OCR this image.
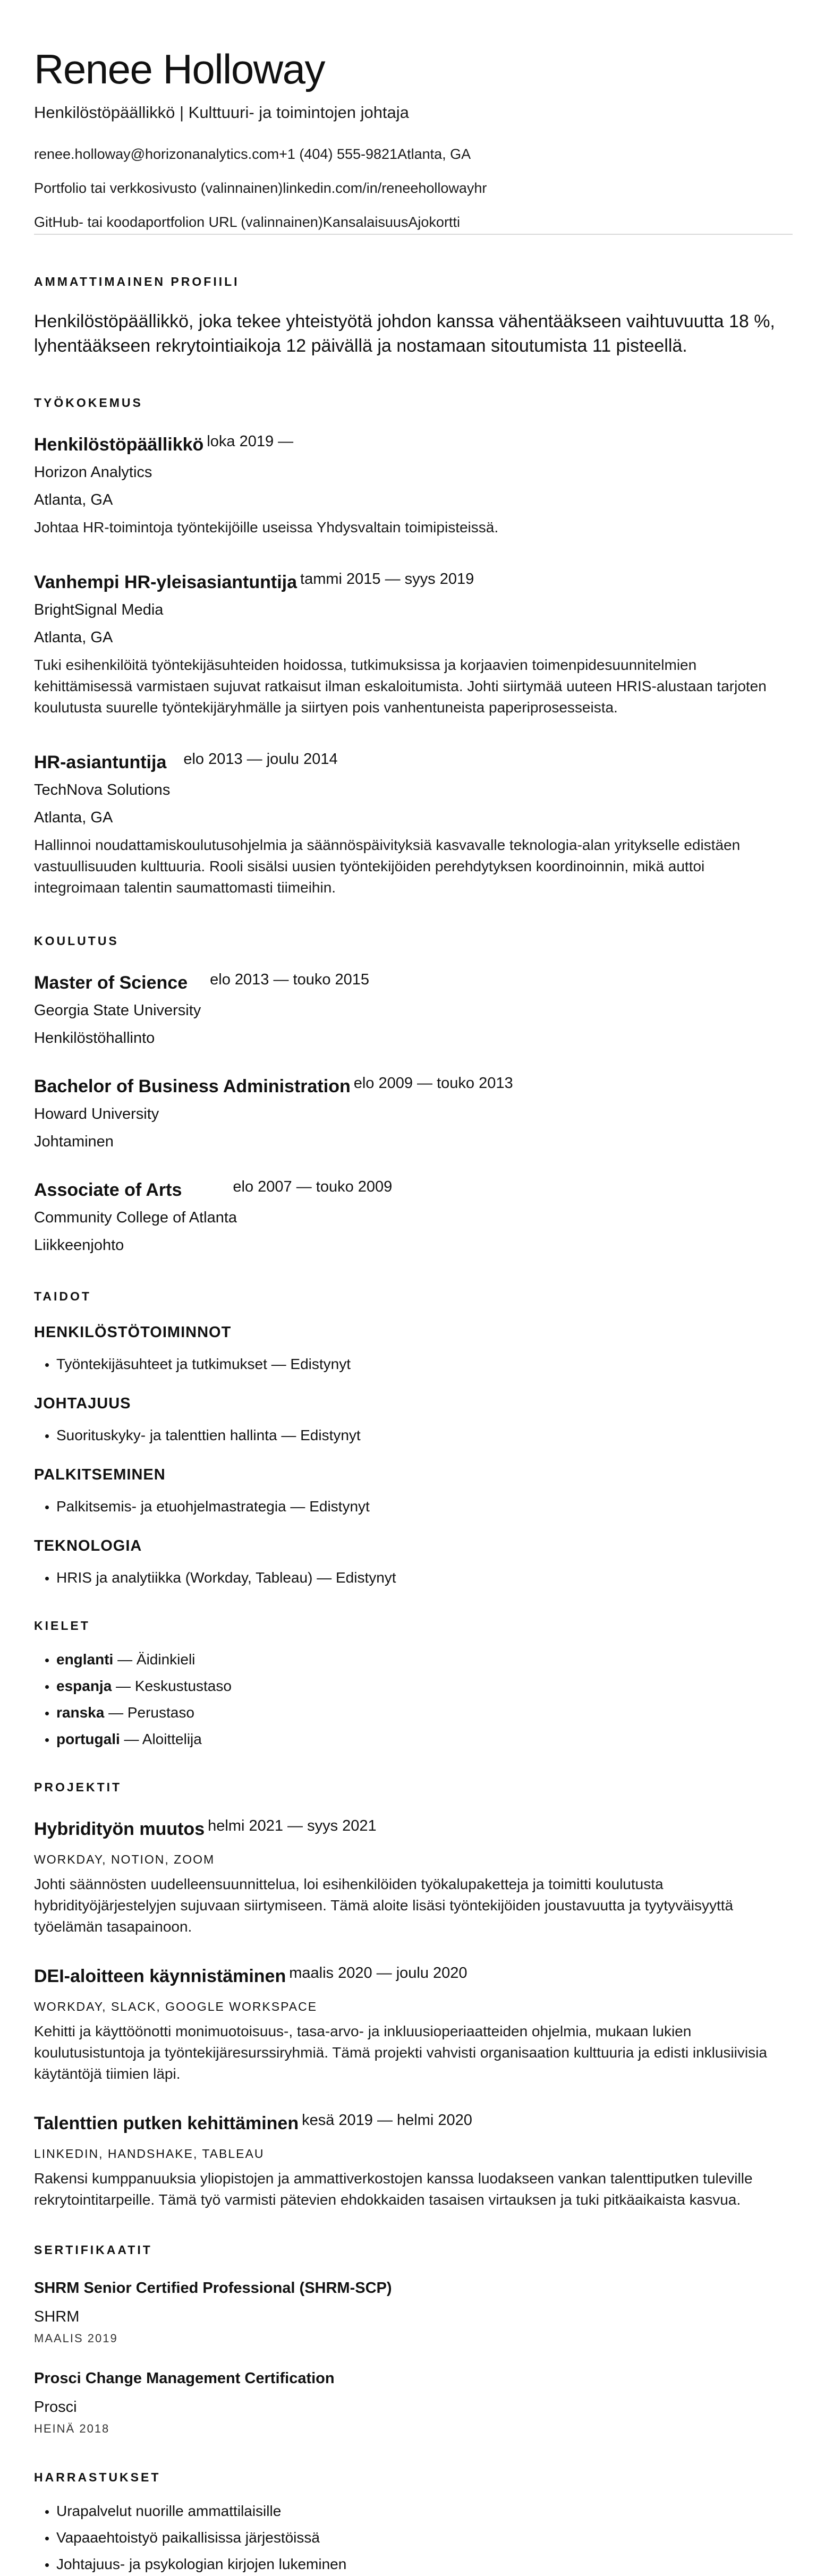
Renee Holloway
Henkilöstöpäällikkö | Kulttuuri- ja toimintojen johtaja
renee.holloway@horizonanalytics.com+1 (404) 555-9821Atlanta, GA
Portfolio tai verkkosivusto (valinnainen)linkedin.com/in/reneehollowayhr
GitHub- tai koodaportfolion URL (valinnainen)KansalaisuusAjokortti
AMMATTIMAINEN PROFIILI
Henkilöstöpäällikkö, joka tekee yhteistyötä johdon kanssa vähentääkseen vaihtuvuutta 18 %, lyhentääkseen rekrytointiaikoja 12 päivällä ja nostamaan sitoutumista 11 pisteellä.
TYÖKOKEMUS
Henkilöstöpäällikkö loka 2019 —
Horizon Analytics
Atlanta, GA
Johtaa HR-toimintoja työntekijöille useissa Yhdysvaltain toimipisteissä.
Vanhempi HR-yleisasiantuntija tammi 2015 — syys 2019
BrightSignal Media
Atlanta, GA
Tuki esihenkilöitä työntekijäsuhteiden hoidossa, tutkimuksissa ja korjaavien toimenpidesuunnitelmien kehittämisessä varmistaen sujuvat ratkaisut ilman eskaloitumista. Johti siirtymää uuteen HRIS-alustaan tarjoten koulutusta suurelle työntekijäryhmälle ja siirtyen pois vanhentuneista paperiprosesseista.
HR-asiantuntija elo 2013 — joulu 2014
TechNova Solutions
Atlanta, GA
Hallinnoi noudattamiskoulutusohjelmia ja säännöspäivityksiä kasvavalle teknologia-alan yritykselle edistäen vastuullisuuden kulttuuria. Rooli sisälsi uusien työntekijöiden perehdytyksen koordinoinnin, mikä auttoi integroimaan talentin saumattomasti tiimeihin.
KOULUTUS
Master of Science elo 2013 — touko 2015
Georgia State University
Henkilöstöhallinto
Bachelor of Business Administration elo 2009 — touko 2013
Howard University
Johtaminen
Associate of Arts	elo 2007 — touko 2009
Community College of Atlanta
Liikkeenjohto
TAIDOT
HENKILÖSTÖTOIMINNOT
• Työntekijäsuhteet ja tutkimukset — Edistynyt
JOHTAJUUS
• Suorituskyky- ja talenttien hallinta — Edistynyt
PALKITSEMINEN
• Palkitsemis- ja etuohjelmastrategia — Edistynyt
TEKNOLOGIA
• HRIS ja analytiikka (Workday, Tableau) — Edistynyt
KIELET
• englanti — Äidinkieli
• espanja — Keskustustaso
• ranska — Perustaso
• portugali — Aloittelija
PROJEKTIT
Hybridityön muutos helmi 2021 — syys 2021
WORKDAY, NOTION, ZOOM
Johti säännösten uudelleensuunnittelua, loi esihenkilöiden työkalupaketteja ja toimitti koulutusta hybridityöjärjestelyjen sujuvaan siirtymiseen. Tämä aloite lisäsi työntekijöiden joustavuutta ja tyytyväisyyttä työelämän tasapainoon.
DEI-aloitteen käynnistäminen maalis 2020 — joulu 2020
WORKDAY, SLACK, GOOGLE WORKSPACE
Kehitti ja käyttöönotti monimuotoisuus-, tasa-arvo- ja inkluusioperiaatteiden ohjelmia, mukaan lukien koulutusistuntoja ja työntekijäresurssiryhmiä. Tämä projekti vahvisti organisaation kulttuuria ja edisti inklusiivisia käytäntöjä tiimien läpi.
Talenttien putken kehittäminen kesä 2019 — helmi 2020
LINKEDIN, HANDSHAKE, TABLEAU
Rakensi kumppanuuksia yliopistojen ja ammattiverkostojen kanssa luodakseen vankan talenttiputken tuleville rekrytointitarpeille. Tämä työ varmisti pätevien ehdokkaiden tasaisen virtauksen ja tuki pitkäaikaista kasvua.
SERTIFIKAATIT
SHRM Senior Certified Professional (SHRM-SCP)
SHRM
MAALIS 2019
Prosci Change Management Certification
Prosci
HEINÄ 2018
HARRASTUKSET
• Urapalvelut nuorille ammattilaisille
• Vapaaehtoistyö paikallisissa järjestöissä
• Johtajuus- ja psykologian kirjojen lukeminen
